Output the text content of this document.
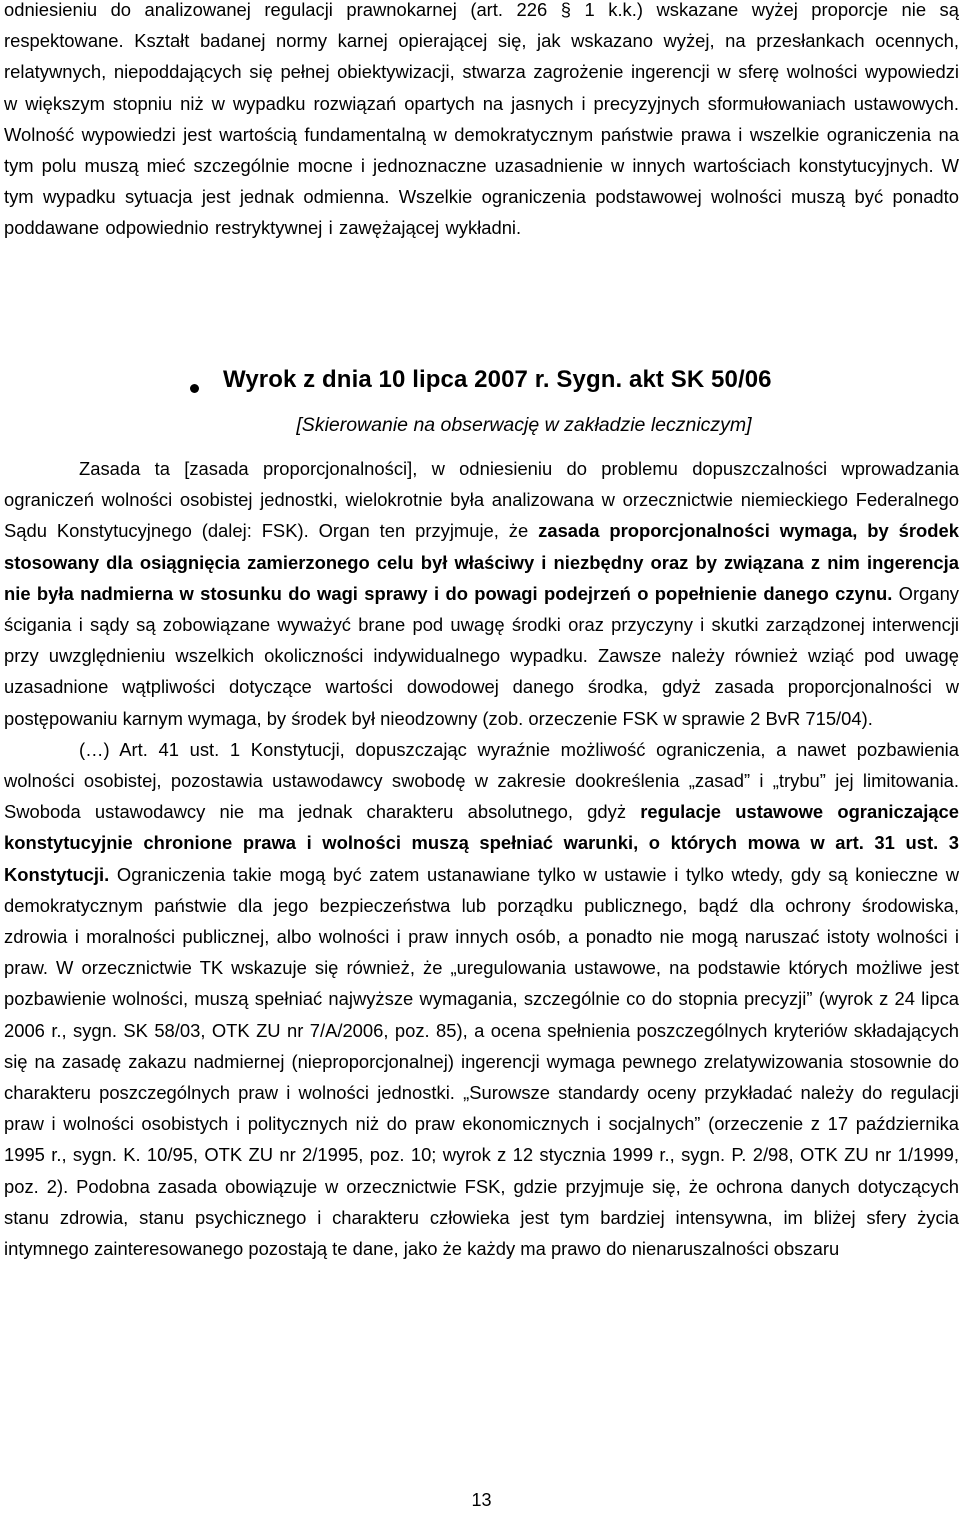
odniesieniu do analizowanej regulacji prawnokarnej (art. 226 § 1 k.k.) wskazane wyżej proporcje nie są respektowane. Kształt badanej normy karnej opierającej się, jak wskazano wyżej, na przesłankach ocennych, relatywnych, niepoddających się pełnej obiektywizacji, stwarza zagrożenie ingerencji w sferę wolności wypowiedzi w większym stopniu niż w wypadku rozwiązań opartych na jasnych i precyzyjnych sformułowaniach ustawowych. Wolność wypowiedzi jest wartością fundamentalną w demokratycznym państwie prawa i wszelkie ograniczenia na tym polu muszą mieć szczególnie mocne i jednoznaczne uzasadnienie w innych wartościach konstytucyjnych. W tym wypadku sytuacja jest jednak odmienna. Wszelkie ograniczenia podstawowej wolności muszą być ponadto poddawane odpowiednio restryktywnej i zawężającej wykładni.

Wyrok z dnia 10 lipca 2007 r. Sygn. akt SK 50/06
[Skierowanie na obserwację w zakładzie leczniczym]

Zasada ta [zasada proporcjonalności], w odniesieniu do problemu dopuszczalności wprowadzania ograniczeń wolności osobistej jednostki, wielokrotnie była analizowana w orzecznictwie niemieckiego Federalnego Sądu Konstytucyjnego (dalej: FSK). Organ ten przyjmuje, że zasada proporcjonalności wymaga, by środek stosowany dla osiągnięcia zamierzonego celu był właściwy i niezbędny oraz by związana z nim ingerencja nie była nadmierna w stosunku do wagi sprawy i do powagi podejrzeń o popełnienie danego czynu. Organy ścigania i sądy są zobowiązane wyważyć brane pod uwagę środki oraz przyczyny i skutki zarządzonej interwencji przy uwzględnieniu wszelkich okoliczności indywidualnego wypadku. Zawsze należy również wziąć pod uwagę uzasadnione wątpliwości dotyczące wartości dowodowej danego środka, gdyż zasada proporcjonalności w postępowaniu karnym wymaga, by środek był nieodzowny (zob. orzeczenie FSK w sprawie 2 BvR 715/04).

(…) Art. 41 ust. 1 Konstytucji, dopuszczając wyraźnie możliwość ograniczenia, a nawet pozbawienia wolności osobistej, pozostawia ustawodawcy swobodę w zakresie dookreślenia „zasad” i „trybu” jej limitowania. Swoboda ustawodawcy nie ma jednak charakteru absolutnego, gdyż regulacje ustawowe ograniczające konstytucyjnie chronione prawa i wolności muszą spełniać warunki, o których mowa w art. 31 ust. 3 Konstytucji. Ograniczenia takie mogą być zatem ustanawiane tylko w ustawie i tylko wtedy, gdy są konieczne w demokratycznym państwie dla jego bezpieczeństwa lub porządku publicznego, bądź dla ochrony środowiska, zdrowia i moralności publicznej, albo wolności i praw innych osób, a ponadto nie mogą naruszać istoty wolności i praw. W orzecznictwie TK wskazuje się również, że „uregulowania ustawowe, na podstawie których możliwe jest pozbawienie wolności, muszą spełniać najwyższe wymagania, szczególnie co do stopnia precyzji” (wyrok z 24 lipca 2006 r., sygn. SK 58/03, OTK ZU nr 7/A/2006, poz. 85), a ocena spełnienia poszczególnych kryteriów składających się na zasadę zakazu nadmiernej (nieproporcjonalnej) ingerencji wymaga pewnego zrelatywizowania stosownie do charakteru poszczególnych praw i wolności jednostki. „Surowsze standardy oceny przykładać należy do regulacji praw i wolności osobistych i politycznych niż do praw ekonomicznych i socjalnych” (orzeczenie z 17 października 1995 r., sygn. K. 10/95, OTK ZU nr 2/1995, poz. 10; wyrok z 12 stycznia 1999 r., sygn. P. 2/98, OTK ZU nr 1/1999, poz. 2). Podobna zasada obowiązuje w orzecznictwie FSK, gdzie przyjmuje się, że ochrona danych dotyczących stanu zdrowia, stanu psychicznego i charakteru człowieka jest tym bardziej intensywna, im bliżej sfery życia intymnego zainteresowanego pozostają te dane, jako że każdy ma prawo do nienaruszalności obszaru

13
